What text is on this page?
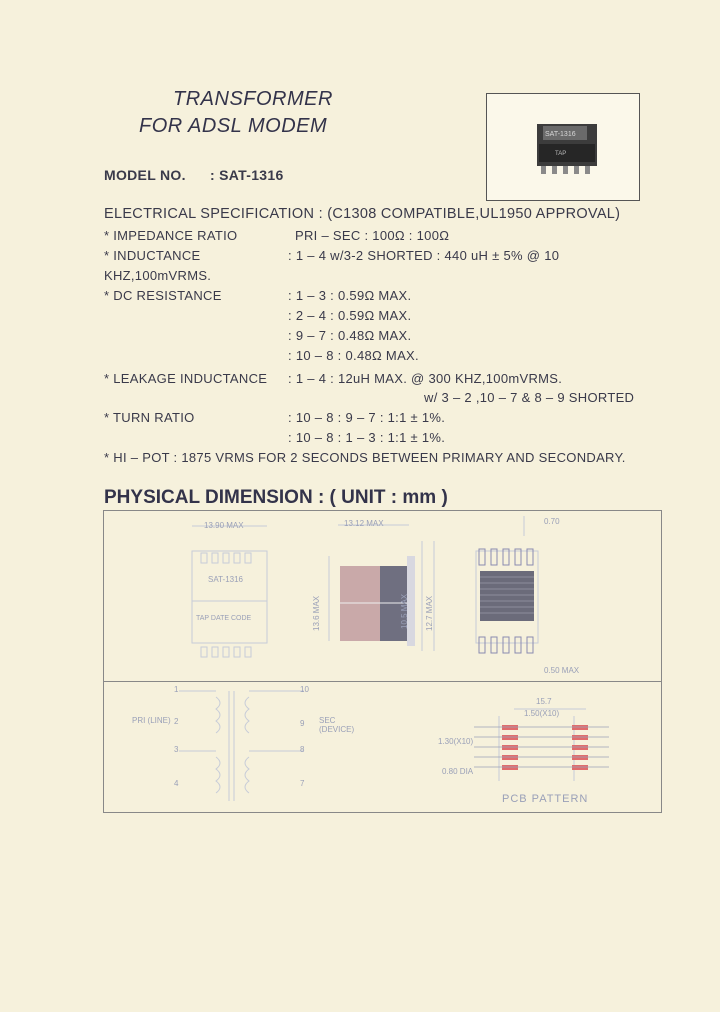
TRANSFORMER
FOR ADSL MODEM	SAT-1316
TAP
MODEL NO. : SAT-1316
ELECTRICAL SPECIFICATION : (C1308 COMPATIBLE,UL1950 APPROVAL)
* IMPEDANCE RATIO	PRI – SEC : 100Ω : 100Ω
* INDUCTANCE	: 1 – 4 w/3-2 SHORTED : 440 uH ± 5% @ 10
KHZ,100mVRMS.
* DC RESISTANCE	: 1 – 3 : 0.59Ω MAX.
: 2 – 4 : 0.59Ω MAX.
: 9 – 7 : 0.48Ω MAX.
: 10 – 8 : 0.48Ω MAX.
* LEAKAGE INDUCTANCE : 1 – 4 : 12uH MAX. @ 300 KHZ,100mVRMS.
w/ 3 – 2 ,10 – 7 & 8 – 9 SHORTED
* TURN RATIO	: 10 – 8 : 9 – 7 : 1:1 ± 1%.
: 10 – 8 : 1 – 3 : 1:1 ± 1%.
* HI – POT : 1875 VRMS FOR 2 SECONDS BETWEEN PRIMARY AND SECONDARY.
PHYSICAL DIMENSION : ( UNIT : mm )
13.90 MAX
SAT-1316
TAP DATE CODE
13.12 MAX
13.6 MAX	10.5 MAX 12.7 MAX
0.70
0.50 MAX
PRI (LINE)	SEC (DEVICE)
1
2
3
4
10
9
8
7
15.7
1.50(X10)
1.30(X10)
0.80 DIA
PCB PATTERN
